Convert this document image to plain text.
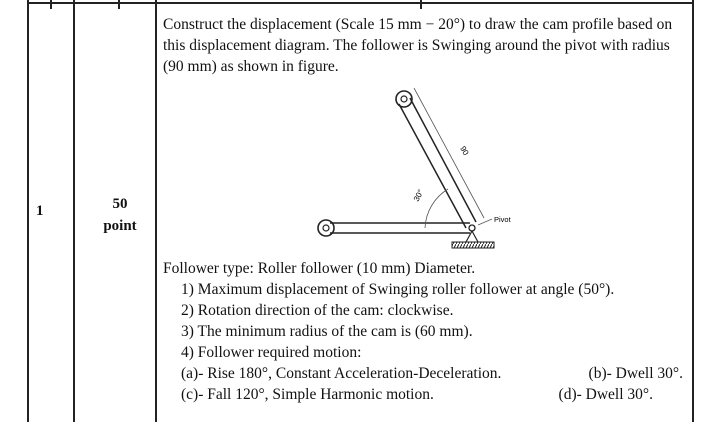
1	50
point

Construct the displacement (Scale 15 mm − 20°) to draw the cam profile based on this displacement diagram. The follower is Swinging around the pivot with radius (90 mm) as shown in figure.

90
30°
Pivot
Follower type: Roller follower (10 mm) Diameter.
1) Maximum displacement of Swinging roller follower at angle (50°).
2) Rotation direction of the cam: clockwise.
3) The minimum radius of the cam is (60 mm).
4) Follower required motion:
(a)- Rise 180°, Constant Acceleration-Deceleration.	(b)- Dwell 30°.
(c)- Fall 120°, Simple Harmonic motion.	(d)- Dwell 30°.
